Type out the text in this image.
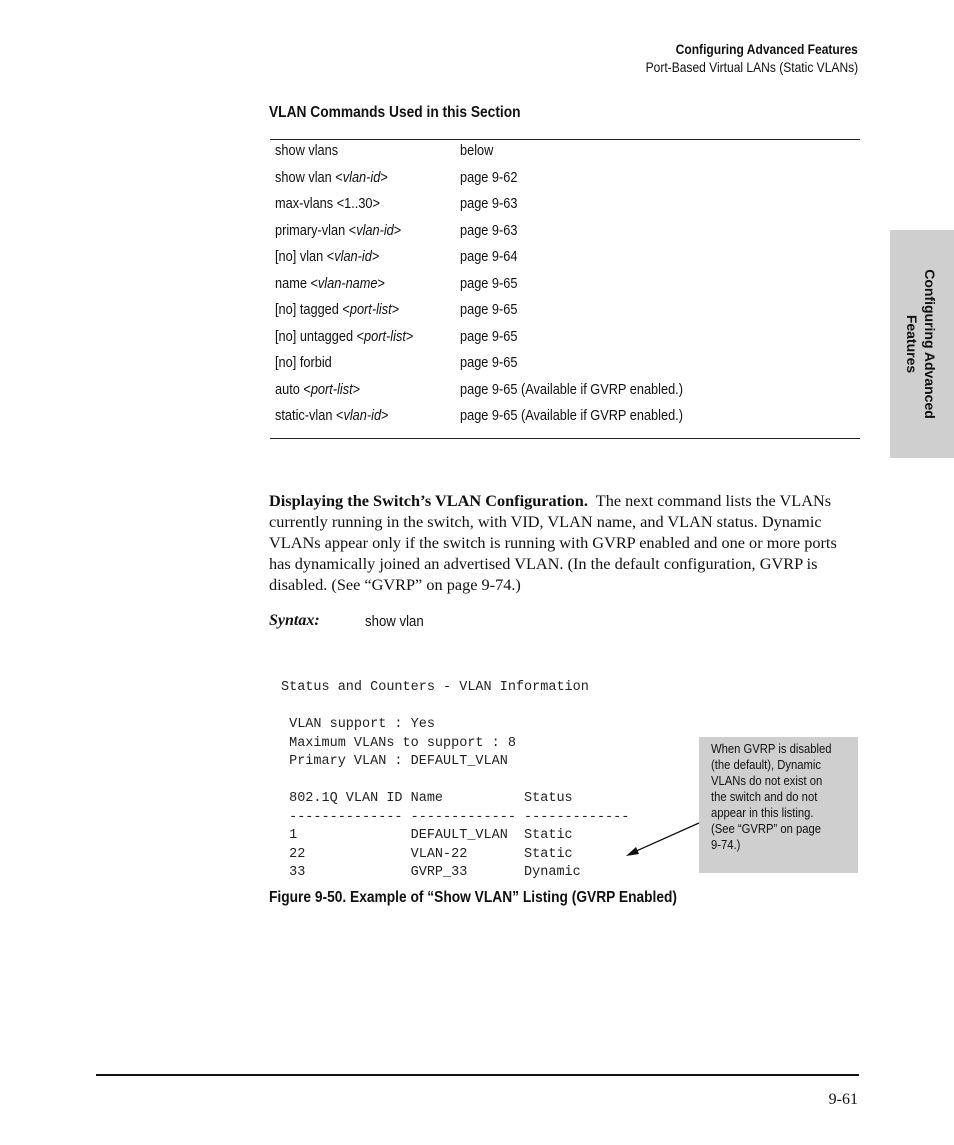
Configuring Advanced Features
Port-Based Virtual LANs (Static VLANs)
Configuring Advanced
Features
VLAN Commands Used in this Section
show vlans	below
show vlan <vlan-id>	page 9-62
max-vlans <1..30>	page 9-63
primary-vlan <vlan-id>	page 9-63
[no] vlan <vlan-id>	page 9-64
name <vlan-name>	page 9-65
[no] tagged <port-list>	page 9-65
[no] untagged <port-list>	page 9-65
[no] forbid	page 9-65
auto <port-list>	page 9-65 (Available if GVRP enabled.)
static-vlan <vlan-id>	page 9-65 (Available if GVRP enabled.)
Displaying the Switch’s VLAN Configuration. The next command lists the VLANs currently running in the switch, with VID, VLAN name, and VLAN status. Dynamic VLANs appear only if the switch is running with GVRP enabled and one or more ports has dynamically joined an advertised VLAN. (In the default configuration, GVRP is disabled. (See “GVRP” on page 9-74.)
Syntax:	show vlan
Status and Counters - VLAN Information
VLAN support : Yes
Maximum VLANs to support : 8
Primary VLAN : DEFAULT_VLAN
802.1Q VLAN ID Name          Status
-------------- ------------- -------------
1              DEFAULT_VLAN  Static
22             VLAN-22       Static
33             GVRP_33       Dynamic
When GVRP is disabled
(the default), Dynamic
VLANs do not exist on
the switch and do not
appear in this listing.
(See “GVRP” on page
9-74.)
Figure 9-50. Example of “Show VLAN” Listing (GVRP Enabled)
9-61
